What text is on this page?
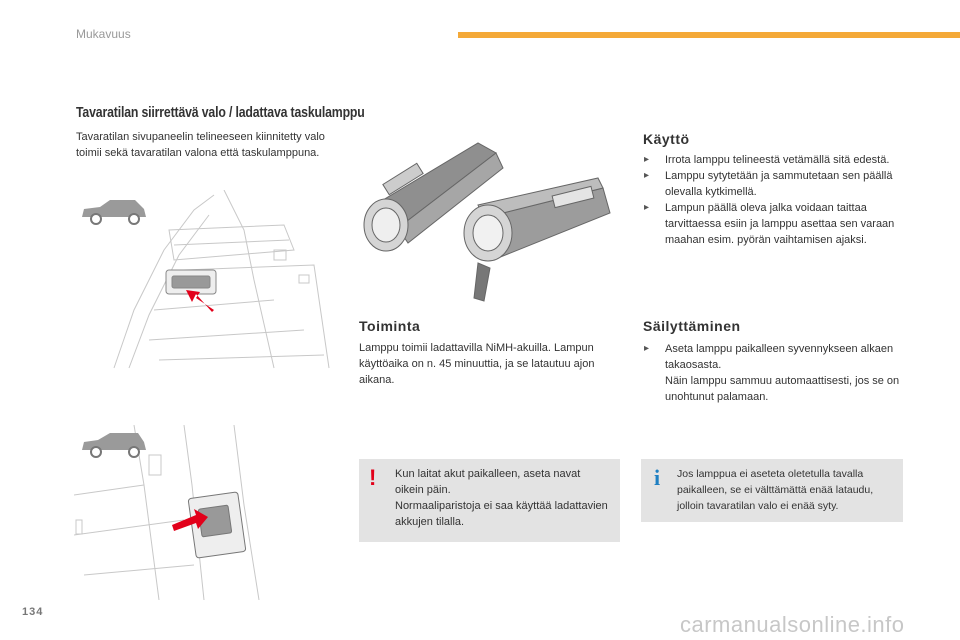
Mukavuus
Tavaratilan siirrettävä valo / ladattava taskulamppu
Tavaratilan sivupaneelin telineeseen kiinnitetty valo toimii sekä tavaratilan valona että taskulamppuna.
Toiminta
Lamppu toimii ladattavilla NiMH-akuilla. Lampun käyttöaika on n. 45 minuuttia, ja se latautuu ajon aikana.
Käyttö
▸ Irrota lamppu telineestä vetämällä sitä edestä.
▸ Lamppu sytytetään ja sammutetaan sen päällä olevalla kytkimellä.
▸ Lampun päällä oleva jalka voidaan taittaa tarvittaessa esiin ja lamppu asettaa sen varaan maahan esim. pyörän vaihtamisen ajaksi.
Säilyttäminen
▸ Aseta lamppu paikalleen syvennykseen alkaen takaosasta.
Näin lamppu sammuu automaattisesti, jos se on unohtunut palamaan.
! Kun laitat akut paikalleen, aseta navat oikein päin.
Normaaliparistoja ei saa käyttää ladattavien akkujen tilalla.
i Jos lamppua ei aseteta oletetulla tavalla paikalleen, se ei välttämättä enää lataudu, jolloin tavaratilan valo ei enää syty.
134	carmanualsonline.info
